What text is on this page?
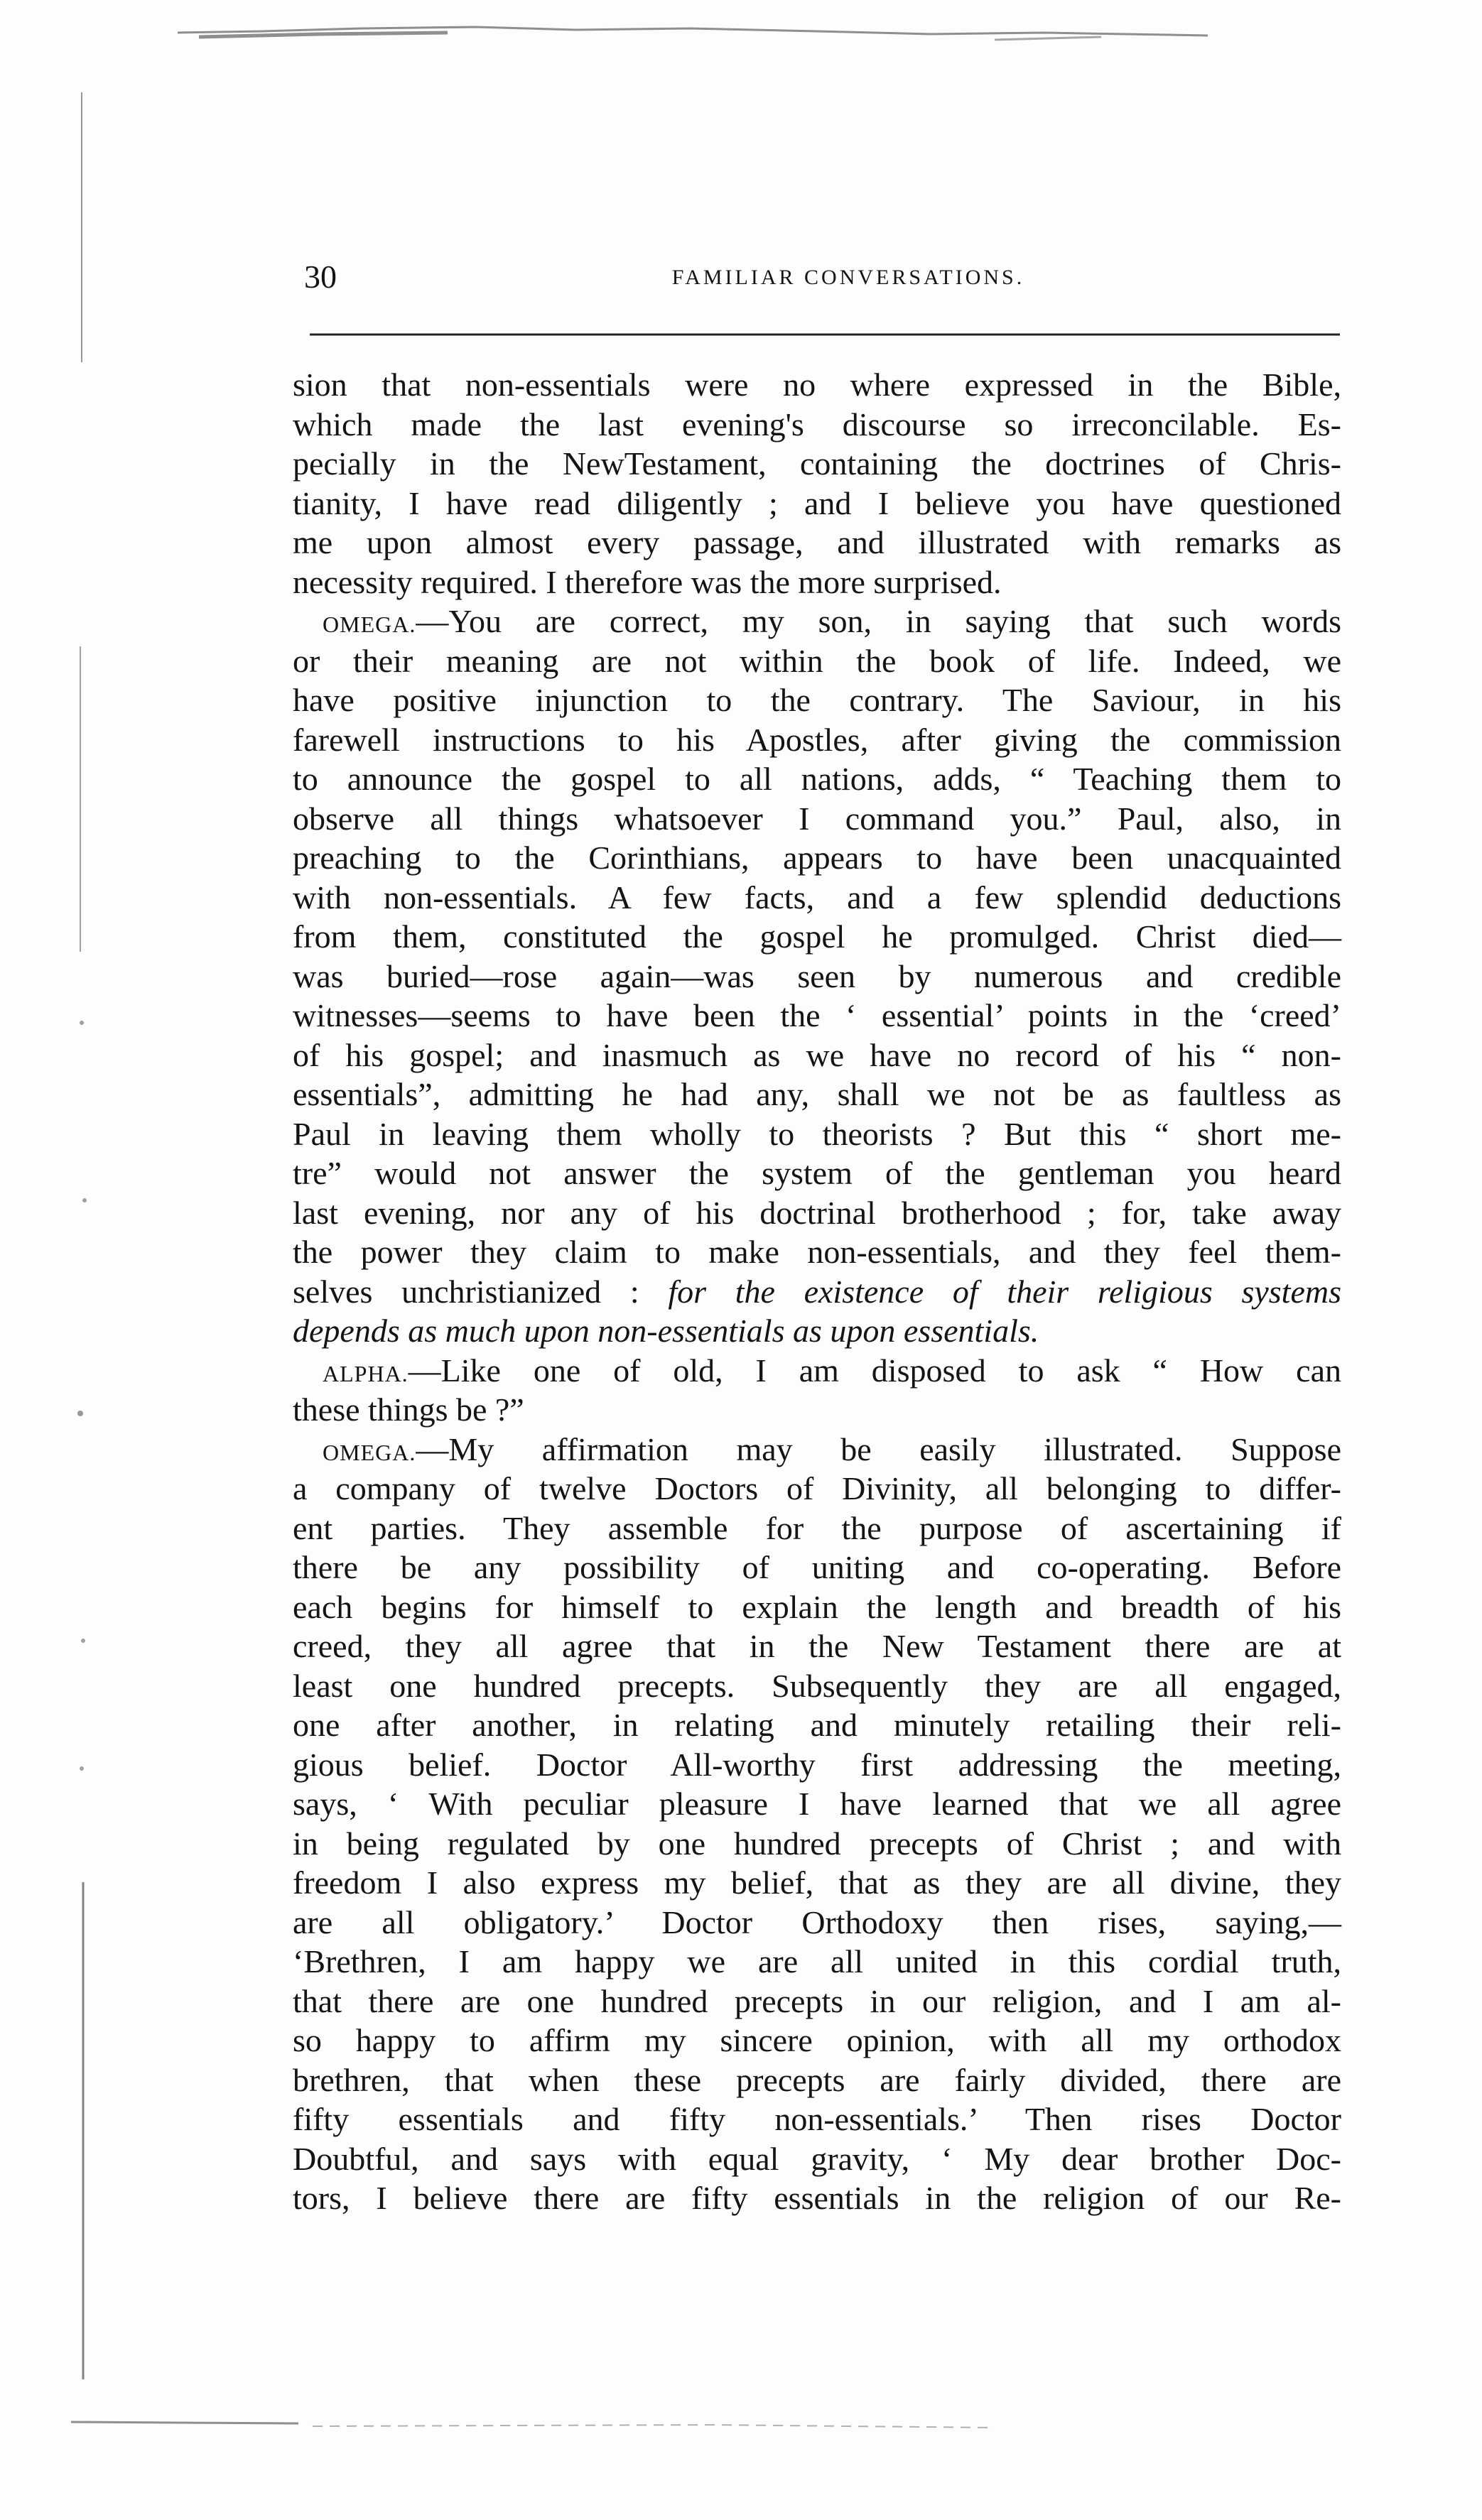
30	FAMILIAR CONVERSATIONS.
sion that non-essentials were no where expressed in the Bible,
which made the last evening's discourse so irreconcilable. Es-
pecially in the NewTestament, containing the doctrines of Chris-
tianity, I have read diligently ; and I believe you have questioned
me upon almost every passage, and illustrated with remarks as
necessity required. I therefore was the more surprised.
OMEGA.—You are correct, my son, in saying that such words
or their meaning are not within the book of life. Indeed, we
have positive injunction to the contrary. The Saviour, in his
farewell instructions to his Apostles, after giving the commission
to announce the gospel to all nations, adds, “ Teaching them to
observe all things whatsoever I command you.” Paul, also, in
preaching to the Corinthians, appears to have been unacquainted
with non-essentials. A few facts, and a few splendid deductions
from them, constituted the gospel he promulged. Christ died—
was buried—rose again—was seen by numerous and credible
witnesses—seems to have been the ‘ essential’ points in the ‘creed’
of his gospel; and inasmuch as we have no record of his “ non-
essentials”, admitting he had any, shall we not be as faultless as
Paul in leaving them wholly to theorists ? But this “ short me-
tre” would not answer the system of the gentleman you heard
last evening, nor any of his doctrinal brotherhood ; for, take away
the power they claim to make non-essentials, and they feel them-
selves unchristianized : for the existence of their religious systems
depends as much upon non-essentials as upon essentials.
ALPHA.—Like one of old, I am disposed to ask “ How can
these things be ?”
OMEGA.—My affirmation may be easily illustrated. Suppose
a company of twelve Doctors of Divinity, all belonging to differ-
ent parties. They assemble for the purpose of ascertaining if
there be any possibility of uniting and co-operating. Before
each begins for himself to explain the length and breadth of his
creed, they all agree that in the New Testament there are at
least one hundred precepts. Subsequently they are all engaged,
one after another, in relating and minutely retailing their reli-
gious belief. Doctor All-worthy first addressing the meeting,
says, ‘ With peculiar pleasure I have learned that we all agree
in being regulated by one hundred precepts of Christ ; and with
freedom I also express my belief, that as they are all divine, they
are all obligatory.’ Doctor Orthodoxy then rises, saying,—
‘Brethren, I am happy we are all united in this cordial truth,
that there are one hundred precepts in our religion, and I am al-
so happy to affirm my sincere opinion, with all my orthodox
brethren, that when these precepts are fairly divided, there are
fifty essentials and fifty non-essentials.’ Then rises Doctor
Doubtful, and says with equal gravity, ‘ My dear brother Doc-
tors, I believe there are fifty essentials in the religion of our Re-
